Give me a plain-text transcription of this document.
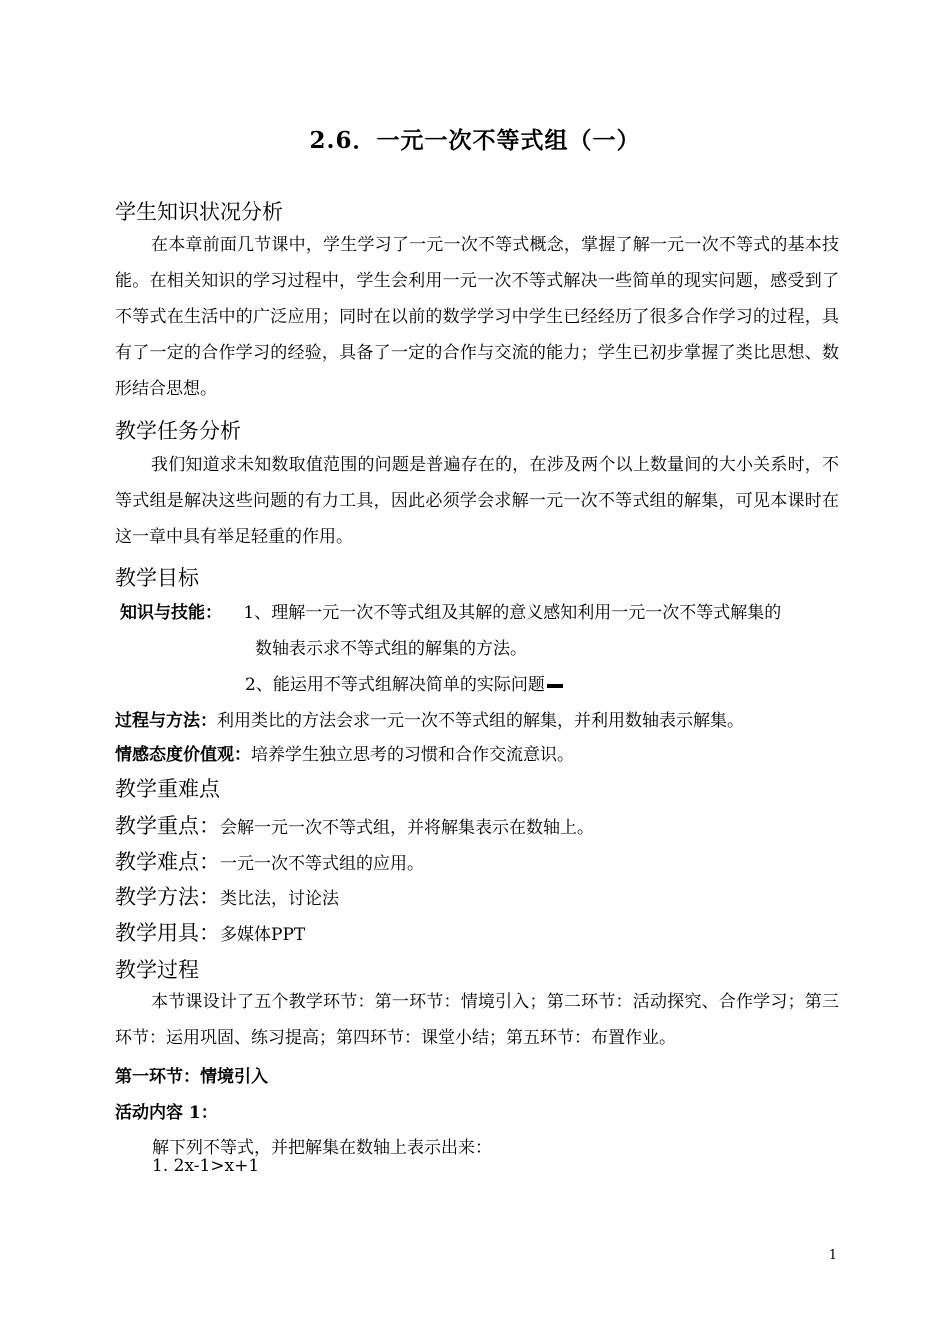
2.6．一元一次不等式组（一）
学生知识状况分析
在本章前面几节课中，学生学习了一元一次不等式概念，掌握了解一元一次不等式的基本技能。在相关知识的学习过程中，学生会利用一元一次不等式解决一些简单的现实问题，感受到了不等式在生活中的广泛应用；同时在以前的数学学习中学生已经经历了很多合作学习的过程，具有了一定的合作学习的经验，具备了一定的合作与交流的能力；学生已初步掌握了类比思想、数形结合思想。
教学任务分析
我们知道求未知数取值范围的问题是普遍存在的，在涉及两个以上数量间的大小关系时，不等式组是解决这些问题的有力工具，因此必须学会求解一元一次不等式组的解集，可见本课时在这一章中具有举足轻重的作用。
教学目标
知识与技能： 1、理解一元一次不等式组及其解的意义感知利用一元一次不等式解集的
数轴表示求不等式组的解集的方法。
2、能运用不等式组解决简单的实际问题
过程与方法：利用类比的方法会求一元一次不等式组的解集，并利用数轴表示解集。
情感态度价值观：培养学生独立思考的习惯和合作交流意识。
教学重难点
教学重点：会解一元一次不等式组，并将解集表示在数轴上。
教学难点：一元一次不等式组的应用。
教学方法：类比法，讨论法
教学用具：多媒体PPT
教学过程
本节课设计了五个教学环节：第一环节：情境引入；第二环节：活动探究、合作学习；第三环节：运用巩固、练习提高；第四环节：课堂小结；第五环节：布置作业。
第一环节：情境引入
活动内容 1：
解下列不等式，并把解集在数轴上表示出来：
1. 2x-1>x+1
1
